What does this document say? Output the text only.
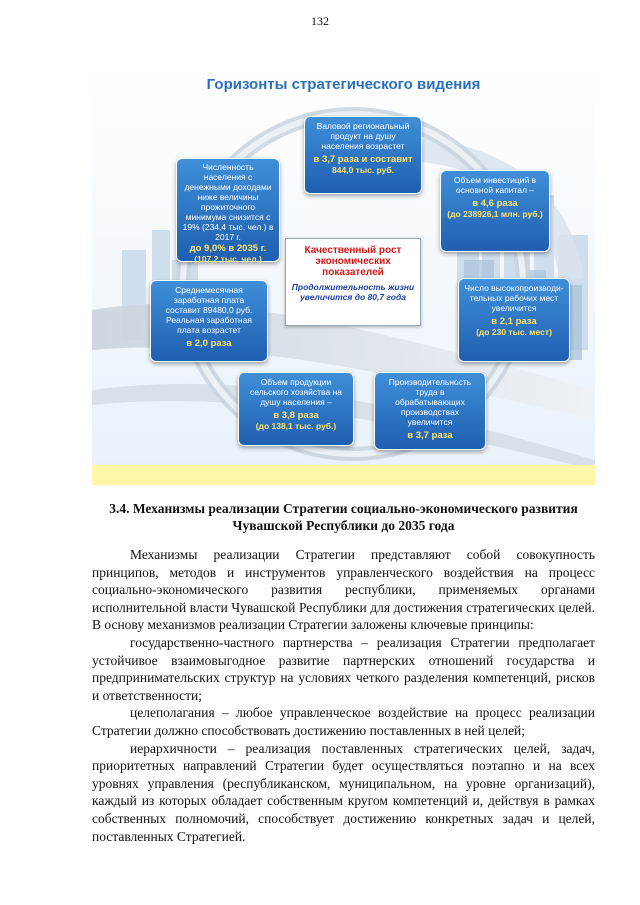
132
Горизонты стратегического видения
Валовой региональный продукт на душу населения возрастет
в 3,7 раза и составит
844,0 тыс. руб.
Объем инвестиций в основной капитал –
в 4,6 раза
(до 238926,1 млн. руб.)
Число высокопроизводи-тельных рабочих мест увеличится
в 2,1 раза
(до 230 тыс. мест)
Производительность труда в обрабатывающих производствах увеличится
в 3,7 раза
Объем продукции сельского хозяйства на душу населения –
в 3,8 раза
(до 138,1 тыс. руб.)
Среднемесячная заработная плата составит 89480,0 руб. Реальная заработная плата возрастет
в 2,0 раза
Численность населения с денежными доходами ниже величины прожиточного минимума снизится с 19% (234,4 тыс. чел.) в 2017 г.
до 9,0% в 2035 г.
(107,2 тыс. чел.)
Качественный рост экономических показателей
Продолжительность жизни увеличится до 80,7 года
3.4. Механизмы реализации Стратегии социально-экономического развития Чувашской Республики до 2035 года

Механизмы реализации Стратегии представляют собой совокупность принципов, методов и инструментов управленческого воздействия на процесс социально-экономического развития республики, применяемых органами исполнительной власти Чувашской Республики для достижения стратегических целей. В основу механизмов реализации Стратегии заложены ключевые принципы:

государственно-частного партнерства – реализация Стратегии предполагает устойчивое взаимовыгодное развитие партнерских отношений государства и предпринимательских структур на условиях четкого разделения компетенций, рисков и ответственности;

целеполагания – любое управленческое воздействие на процесс реализации Стратегии должно способствовать достижению поставленных в ней целей;

иерархичности – реализация поставленных стратегических целей, задач, приоритетных направлений Стратегии будет осуществляться поэтапно и на всех уровнях управления (республиканском, муниципальном, на уровне организаций), каждый из которых обладает собственным кругом компетенций и, действуя в рамках собственных полномочий, способствует достижению конкретных задач и целей, поставленных Стратегией.
